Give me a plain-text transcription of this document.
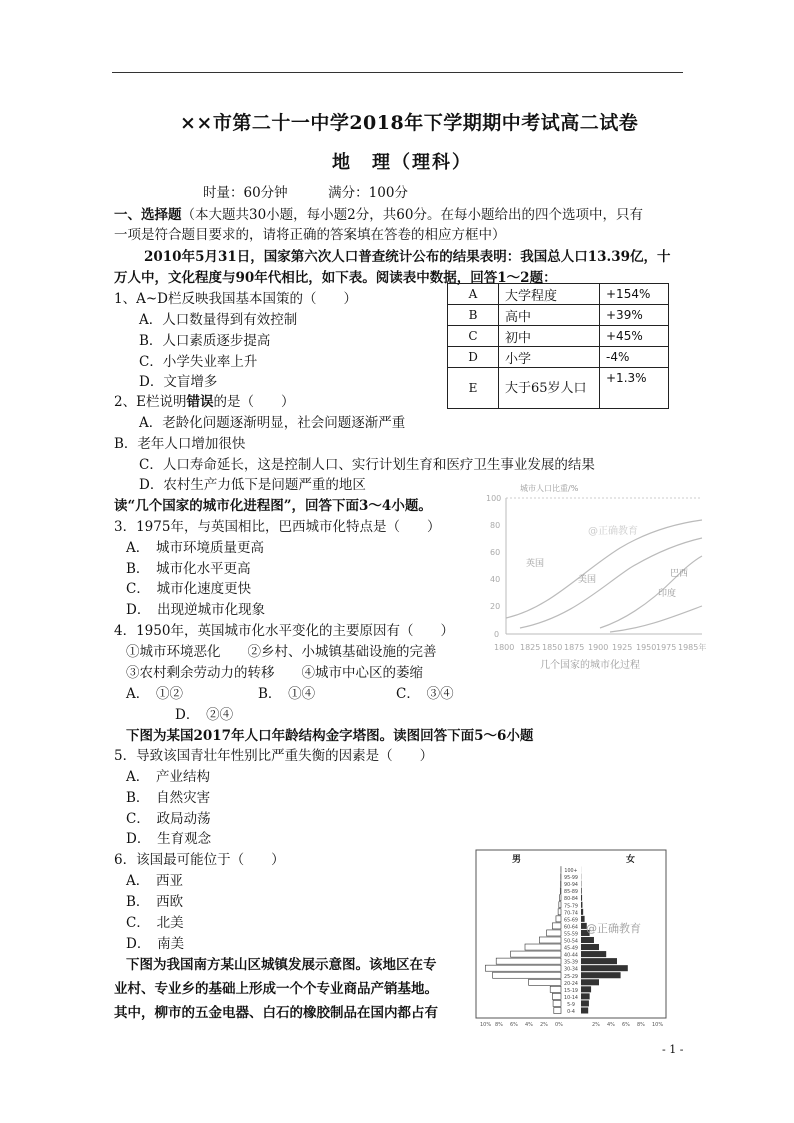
××市第二十一中学2018年下学期期中考试高二试卷
地　理（理科）
时量：60分钟　　　满分：100分
一、选择题（本大题共30小题，每小题2分，共60分。在每小题给出的四个选项中，只有
一项是符合题目要求的，请将正确的答案填在答卷的相应方框中）
2010年5月31日，国家第六次人口普查统计公布的结果表明：我国总人口13.39亿，十
万人中，文化程度与90年代相比，如下表。阅读表中数据，回答1～2题：
1、A~D栏反映我国基本国策的（　　）
A．人口数量得到有效控制
B．人口素质逐步提高
C．小学失业率上升
D．文盲增多
A	大学程度	+154%
B	高中	+39%
C	初中	+45%
D	小学	-4%
E	大于65岁人口	+1.3%
2、E栏说明错误的是（　　）
A．老龄化问题逐渐明显，社会问题逐渐严重
B．老年人口增加很快
C．人口寿命延长，这是控制人口、实行计划生育和医疗卫生事业发展的结果
D．农村生产力低下是问题严重的地区
读“几个国家的城市化进程图”，回答下面3～4小题。
3．1975年，与英国相比，巴西城市化特点是（　　）
A．　城市环境质量更高
B．　城市化水平更高
C．　城市化速度更快
D．　出现逆城市化现象
4．1950年，英国城市化水平变化的主要原因有（　　）
①城市环境恶化　　②乡村、小城镇基础设施的完善
③农村剩余劳动力的转移　　④城市中心区的萎缩
A．　①②	B．　①④	C．　③④
D．　②④
下图为某国2017年人口年龄结构金字塔图。读图回答下面5～6小题
5．导致该国青壮年性别比严重失衡的因素是（　　）
A．　产业结构
B．　自然灾害
C．　政局动荡
D．　生育观念
6．该国最可能位于（　　）
A．　西亚
B．　西欧
C．　北美
D．　南美
下图为我国南方某山区城镇发展示意图。该地区在专
业村、专业乡的基础上形成一个个专业商品产销基地。
其中，柳市的五金电器、白石的橡胶制品在国内都占有
城市人口比重/%
100
80
60
40
20
0
英国
美国
巴西
印度
@正确教育
1800 1825 1850 1875 1900 1925 1950 1975 1985年
几个国家的城市化过程
男	女
0-4
5-9
10-14
15-19
20-24
25-29
30-34
35-39
40-44
45-49
50-54
55-59
60-64
65-69
70-74
75-79
80-84
85-89
90-94
95-99
100+
@正确教育
10% 8% 6% 4% 2% 0%	2% 4% 6% 8% 10%
- 1 -
